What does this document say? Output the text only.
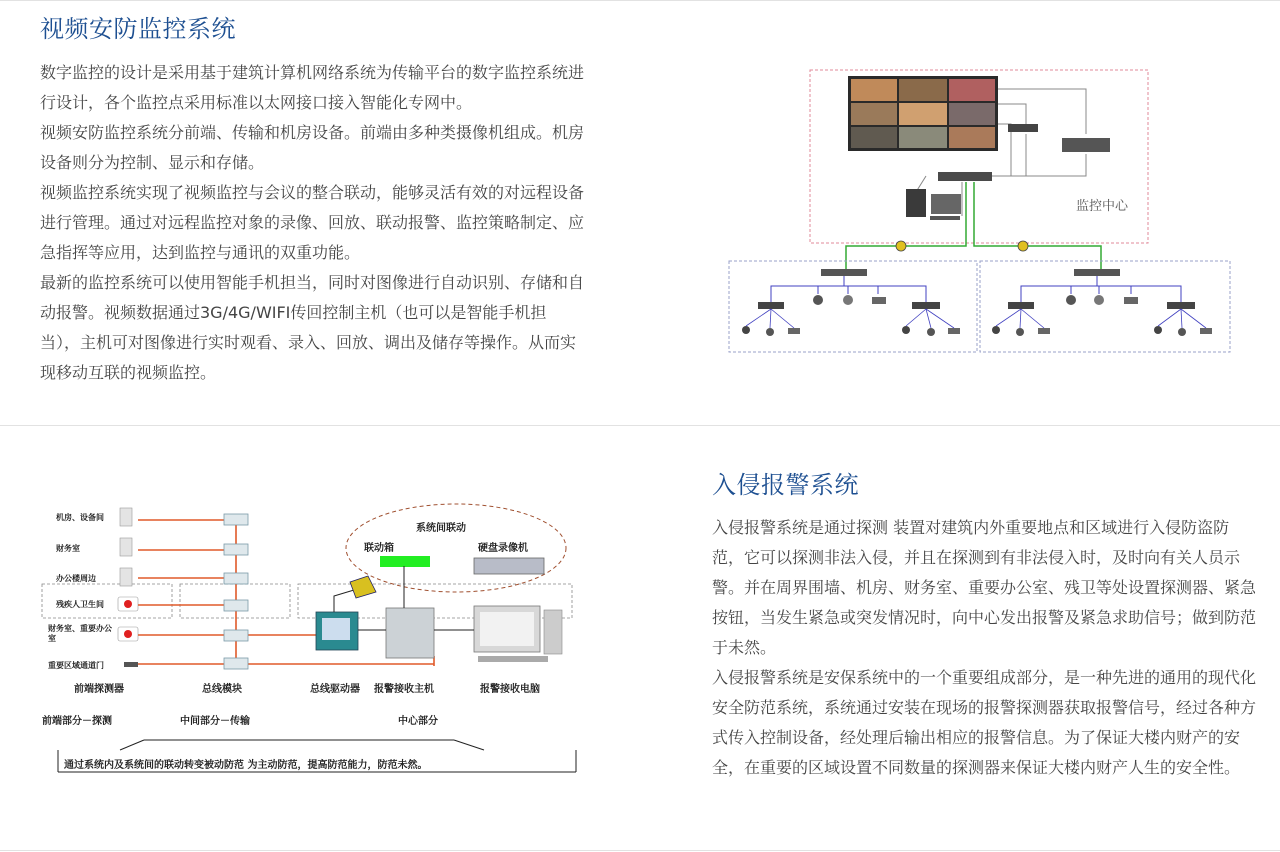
视频安防监控系统

数字监控的设计是采用基于建筑计算机网络系统为传输平台的数字监控系统进行设计，各个监控点采用标准以太网接口接入智能化专网中。

视频安防监控系统分前端、传输和机房设备。前端由多种类摄像机组成。机房设备则分为控制、显示和存储。

视频监控系统实现了视频监控与会议的整合联动，能够灵活有效的对远程设备进行管理。通过对远程监控对象的录像、回放、联动报警、监控策略制定、应急指挥等应用，达到监控与通讯的双重功能。

最新的监控系统可以使用智能手机担当，同时对图像进行自动识别、存储和自动报警。视频数据通过3G/4G/WIFI传回控制主机（也可以是智能手机担当），主机可对图像进行实时观看、录入、回放、调出及储存等操作。从而实现移动互联的视频监控。

监控中心
入侵报警系统

入侵报警系统是通过探测 装置对建筑内外重要地点和区域进行入侵防盗防范，它可以探测非法入侵，并且在探测到有非法侵入时，及时向有关人员示警。并在周界围墙、机房、财务室、重要办公室、残卫等处设置探测器、紧急按钮，当发生紧急或突发情况时，向中心发出报警及紧急求助信号；做到防范于未然。

入侵报警系统是安保系统中的一个重要组成部分，是一种先进的通用的现代化安全防范系统，系统通过安装在现场的报警探测器获取报警信号，经过各种方式传入控制设备，经处理后输出相应的报警信息。为了保证大楼内财产的安全，在重要的区域设置不同数量的探测器来保证大楼内财产人生的安全性。

系统间联动
联动箱	硬盘录像机
机房、设备间
财务室
办公楼周边
残疾人卫生间
财务室、重要办公室
重要区域通道门
前端探测器	总线模块	总线驱动器 报警接收主机	报警接收电脑
前端部分－探测	中间部分－传输	中心部分
通过系统内及系统间的联动转变被动防范 为主动防范，提高防范能力，防范未然。
